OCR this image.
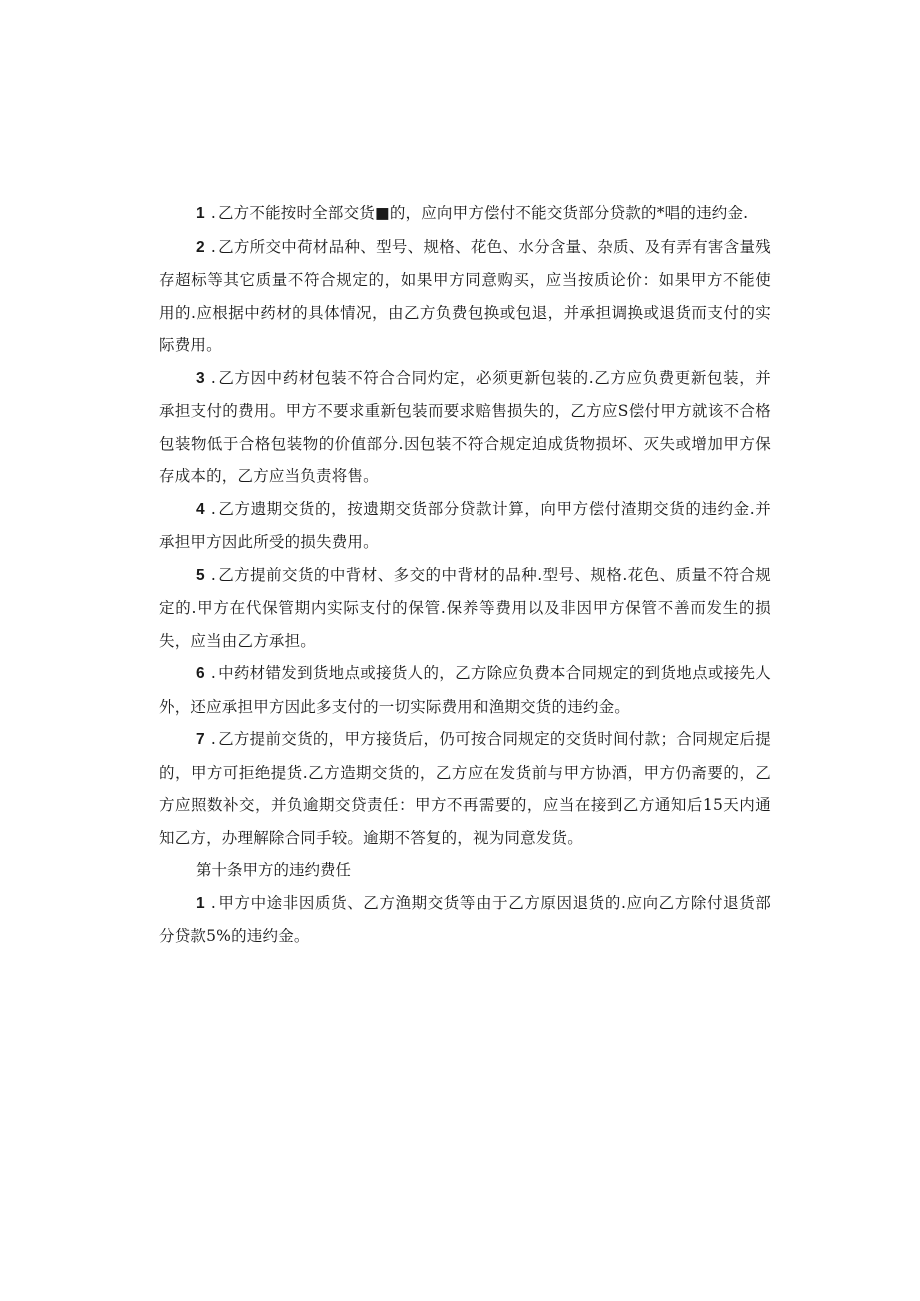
1 . 乙方不能按时全部交货■的，应向甲方偿付不能交货部分贷款的*唱的违约金.

2 . 乙方所交中荷材品种、型号、规格、花色、水分含量、杂质、及有弄有害含量残存超标等其它质量不符合规定的，如果甲方同意购买，应当按质论价：如果甲方不能使用的.应根据中药材的具体情况，由乙方负费包换或包退，并承担调换或退货而支付的实际费用。

3 . 乙方因中药材包装不符合合同灼定，必须更新包装的.乙方应负费更新包装，并承担支付的费用。甲方不要求重新包装而要求赔售损失的，乙方应S偿付甲方就该不合格包装物低于合格包装物的价值部分.因包装不符合规定迫成货物损坏、灭失或增加甲方保存成本的，乙方应当负责将售。

4 . 乙方遗期交货的，按遗期交货部分贷款计算，向甲方偿付渣期交货的违约金.并承担甲方因此所受的损失费用。

5 . 乙方提前交货的中背材、多交的中背材的品种.型号、规格.花色、质量不符合规定的.甲方在代保管期内实际支付的保管.保养等费用以及非因甲方保管不善而发生的损失，应当由乙方承担。

6 . 中药材错发到货地点或接货人的，乙方除应负费本合同规定的到货地点或接先人外，还应承担甲方因此多支付的一切实际费用和渔期交货的违约金。

7 . 乙方提前交货的，甲方接货后，仍可按合同规定的交货时间付款；合同规定后提的，甲方可拒绝提货.乙方造期交货的，乙方应在发货前与甲方协酒，甲方仍斋要的，乙方应照数补交，并负逾期交贷责任：甲方不再需要的，应当在接到乙方通知后15天内通知乙方，办理解除合同手较。逾期不答复的，视为同意发货。

第十条甲方的违约费任

1 . 甲方中途非因质货、乙方渔期交货等由于乙方原因退货的.应向乙方除付退货部分贷款5%的违约金。
